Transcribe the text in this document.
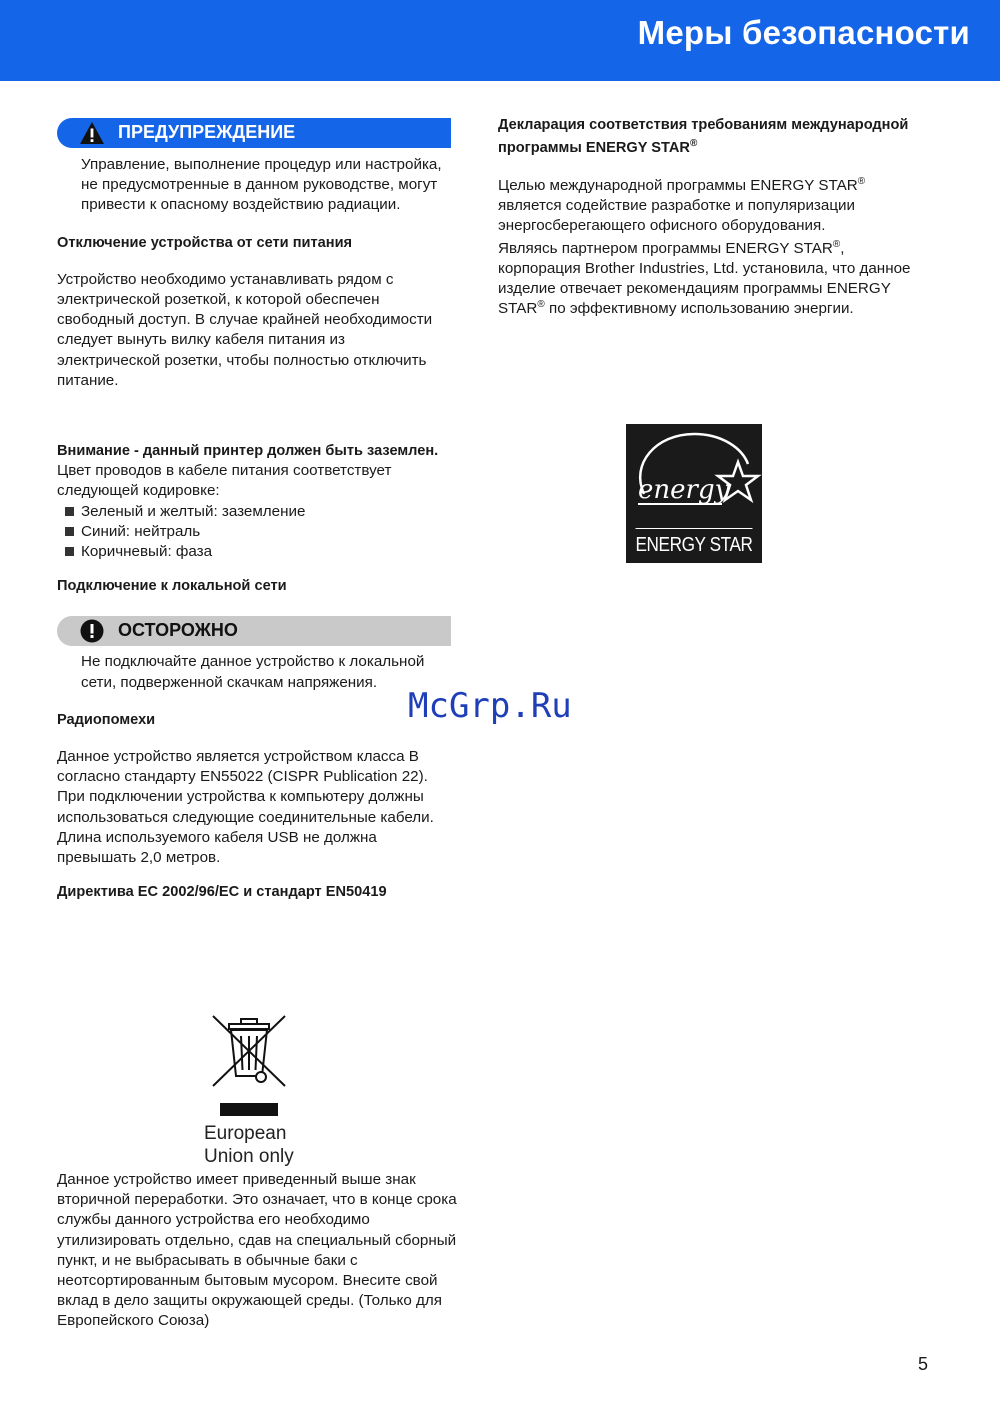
Меры безопасности
ПРЕДУПРЕЖДЕНИЕ

Управление, выполнение процедур или настройка, не предусмотренные в данном руководстве, могут привести к опасному воздействию радиации.

Отключение устройства от сети питания

Устройство необходимо устанавливать рядом с электрической розеткой, к которой обеспечен свободный доступ. В случае крайней необходимости следует вынуть вилку кабеля питания из электрической розетки, чтобы полностью отключить питание.

Внимание - данный принтер должен быть заземлен.

Цвет проводов в кабеле питания соответствует следующей кодировке:

Зеленый и желтый: заземление
Синий: нейтраль
Коричневый: фаза

Подключение к локальной сети

ОСТОРОЖНО

Не подключайте данное устройство к локальной сети, подверженной скачкам напряжения.

Радиопомехи

Данное устройство является устройством класса В согласно стандарту EN55022 (CISPR Publication 22). При подключении устройства к компьютеру должны использоваться следующие соединительные кабели.

Длина используемого кабеля USB не должна превышать 2,0 метров.

Директива ЕС 2002/96/ЕС и стандарт EN50419

European
Union only

Данное устройство имеет приведенный выше знак вторичной переработки. Это означает, что в конце срока службы данного устройства его необходимо утилизировать отдельно, сдав на специальный сборный пункт, и не выбрасывать в обычные баки с неотсортированным бытовым мусором. Внесите свой вклад в дело защиты окружающей среды. (Только для Европейского Союза)

Декларация соответствия требованиям международной программы ENERGY STAR®

Целью международной программы ENERGY STAR® является содействие разработке и популяризации энергосберегающего офисного оборудования.

Являясь партнером программы ENERGY STAR®, корпорация Brother Industries, Ltd. установила, что данное изделие отвечает рекомендациям программы ENERGY STAR® по эффективному использованию энергии.

energy
ENERGY STAR
McGrp.Ru
5
